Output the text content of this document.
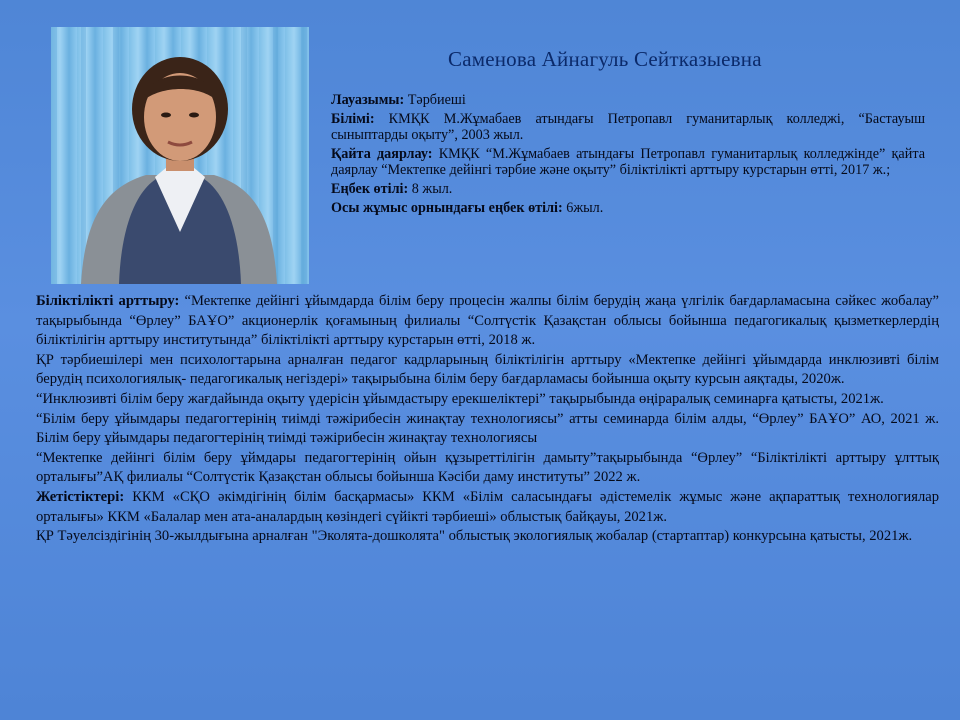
Саменова Айнагуль Сейтказыевна

Лауазымы: Тәрбиеші

Білімі: КМҚК М.Жұмабаев атындағы Петропавл гуманитарлық колледжі, “Бастауыш сыныптарды оқыту”, 2003 жыл.

Қайта даярлау: КМҚК “М.Жұмабаев атындағы Петропавл гуманитарлық колледжінде” қайта даярлау “Мектепке дейінгі тәрбие және оқыту” біліктілікті арттыру курстарын өтті, 2017 ж.;

Еңбек өтілі: 8 жыл.

Осы жұмыс орнындағы еңбек өтілі: 6жыл.

Біліктілікті арттыру: “Мектепке дейінгі ұйымдарда білім беру процесін жалпы білім берудің жаңа үлгілік бағдарламасына сәйкес жобалау” тақырыбында “Өрлеу” БАҰО” акционерлік қоғамының филиалы “Солтүстік Қазақстан облысы бойынша педагогикалық қызметкерлердің біліктілігін арттыру институтында” біліктілікті арттыру курстарын өтті, 2018 ж.

ҚР тәрбиешілері мен психологтарына арналған педагог кадрларының біліктілігін арттыру «Мектепке дейінгі ұйымдарда инклюзивті білім берудің психологиялық- педагогикалық негіздері» тақырыбына білім беру бағдарламасы бойынша оқыту курсын аяқтады, 2020ж.

“Инклюзивті білім беру жағдайында оқыту үдерісін ұйымдастыру ерекшеліктері” тақырыбында өңіраралық семинарға қатысты, 2021ж.

“Білім беру ұйымдары педагогтерінің тиімді тәжірибесін жинақтау технологиясы” атты семинарда білім алды, “Өрлеу” БАҰО” АО, 2021 ж. Білім беру ұйымдары педагогтерінің тиімді тәжірибесін жинақтау технологиясы

“Мектепке дейінгі білім беру ұймдары педагогтерінің ойын құзыреттілігін дамыту”тақырыбында “Өрлеу” “Біліктілікті арттыру ұлттық орталығы”АҚ филиалы “Солтүстік Қазақстан облысы бойынша Кәсіби даму институты” 2022 ж.

Жетістіктері: ККМ «СҚО әкімдігінің білім басқармасы» ККМ «Білім саласындағы әдістемелік жұмыс және ақпараттық технологиялар орталығы» ККМ «Балалар мен ата-аналардың көзіндегі сүйікті тәрбиеші» облыстық байқауы, 2021ж.

ҚР Тәуелсіздігінің 30-жылдығына арналған "Эколята-дошколята" облыстық экологиялық жобалар (стартаптар) конкурсына қатысты, 2021ж.
